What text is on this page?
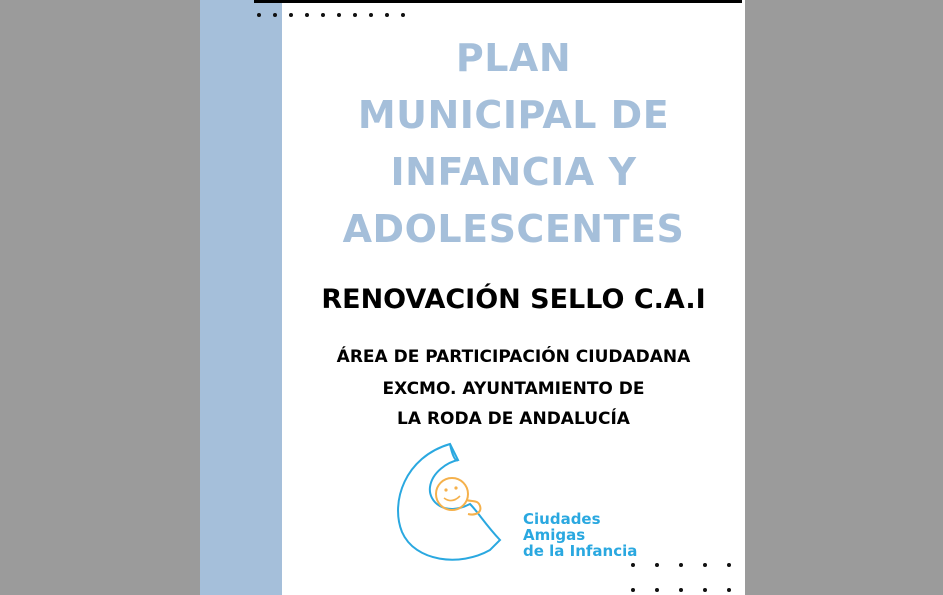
PLAN
MUNICIPAL DE
INFANCIA Y
ADOLESCENTES
RENOVACIÓN SELLO C.A.I
ÁREA DE PARTICIPACIÓN CIUDADANA
EXCMO. AYUNTAMIENTO DE
LA RODA DE ANDALUCÍA
Ciudades
Amigas
de la Infancia
